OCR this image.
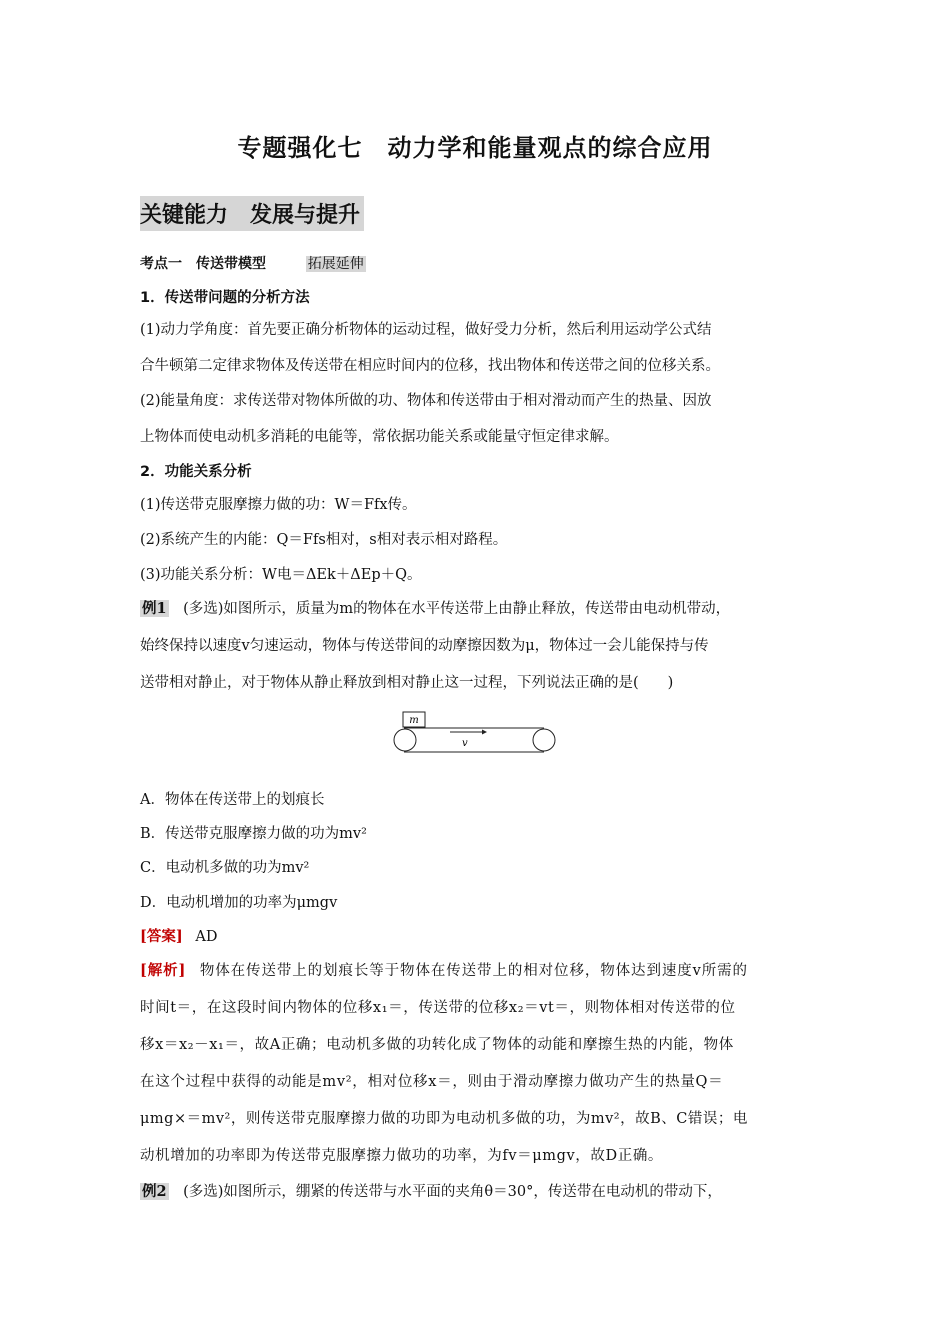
专题强化七　动力学和能量观点的综合应用
关键能力　发展与提升
考点一　传送带模型	拓展延伸
1．传送带问题的分析方法
(1)动力学角度：首先要正确分析物体的运动过程，做好受力分析，然后利用运动学公式结
合牛顿第二定律求物体及传送带在相应时间内的位移，找出物体和传送带之间的位移关系。
(2)能量角度：求传送带对物体所做的功、物体和传送带由于相对滑动而产生的热量、因放
上物体而使电动机多消耗的电能等，常依据功能关系或能量守恒定律求解。
2．功能关系分析
(1)传送带克服摩擦力做的功：W＝Ffx传。
(2)系统产生的内能：Q＝Ffs相对，s相对表示相对路程。
(3)功能关系分析：W电＝ΔEk＋ΔEp＋Q。
例1　(多选)如图所示，质量为m的物体在水平传送带上由静止释放，传送带由电动机带动，
始终保持以速度v匀速运动，物体与传送带间的动摩擦因数为μ，物体过一会儿能保持与传
送带相对静止，对于物体从静止释放到相对静止这一过程，下列说法正确的是(　　)
m
v
A．物体在传送带上的划痕长
B．传送带克服摩擦力做的功为mv²
C．电动机多做的功为mv²
D．电动机增加的功率为μmgv
[答案] AD
[解析] 物体在传送带上的划痕长等于物体在传送带上的相对位移，物体达到速度v所需的
时间t＝，在这段时间内物体的位移x₁＝，传送带的位移x₂＝vt＝，则物体相对传送带的位
移x＝x₂－x₁＝，故A正确；电动机多做的功转化成了物体的动能和摩擦生热的内能，物体
在这个过程中获得的动能是mv²，相对位移x＝，则由于滑动摩擦力做功产生的热量Q＝
μmg×＝mv²，则传送带克服摩擦力做的功即为电动机多做的功，为mv²，故B、C错误；电
动机增加的功率即为传送带克服摩擦力做功的功率，为fv＝μmgv，故D正确。
例2　(多选)如图所示，绷紧的传送带与水平面的夹角θ＝30°，传送带在电动机的带动下，
